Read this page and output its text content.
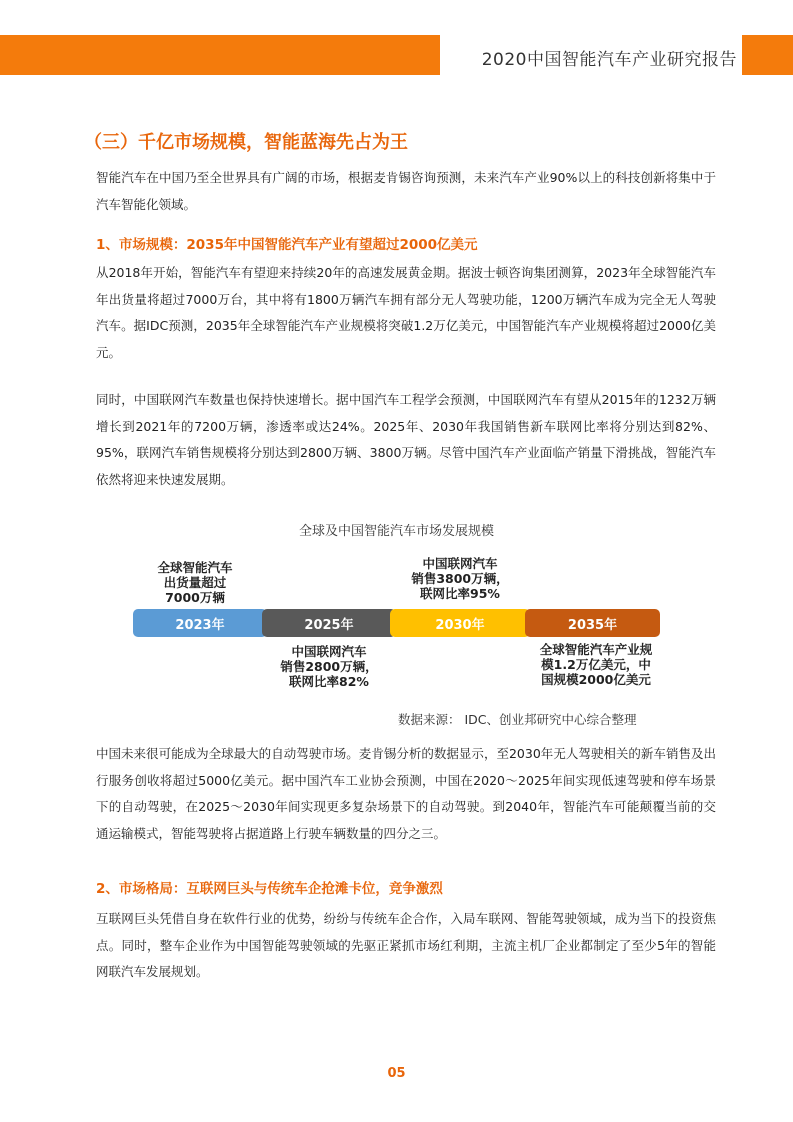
2020中国智能汽车产业研究报告
（三）千亿市场规模，智能蓝海先占为王

智能汽车在中国乃至全世界具有广阔的市场，根据麦肯锡咨询预测，未来汽车产业90%以上的科技创新将集中于汽车智能化领域。

1、市场规模：2035年中国智能汽车产业有望超过2000亿美元

从2018年开始，智能汽车有望迎来持续20年的高速发展黄金期。据波士顿咨询集团测算，2023年全球智能汽车年出货量将超过7000万台，其中将有1800万辆汽车拥有部分无人驾驶功能，1200万辆汽车成为完全无人驾驶汽车。据IDC预测，2035年全球智能汽车产业规模将突破1.2万亿美元，中国智能汽车产业规模将超过2000亿美元。

同时，中国联网汽车数量也保持快速增长。据中国汽车工程学会预测，中国联网汽车有望从2015年的1232万辆增长到2021年的7200万辆，渗透率或达24%。2025年、2030年我国销售新车联网比率将分别达到82%、95%，联网汽车销售规模将分别达到2800万辆、3800万辆。尽管中国汽车产业面临产销量下滑挑战，智能汽车依然将迎来快速发展期。

全球及中国智能汽车市场发展规模
全球智能汽车
出货量超过
7000万辆
中国联网汽车
销售3800万辆，
联网比率95%
2023年	2025年	2030年	2035年
中国联网汽车
销售2800万辆，
联网比率82%
全球智能汽车产业规
模1.2万亿美元，中
国规模2000亿美元
数据来源： IDC、创业邦研究中心综合整理

中国未来很可能成为全球最大的自动驾驶市场。麦肯锡分析的数据显示，至2030年无人驾驶相关的新车销售及出行服务创收将超过5000亿美元。据中国汽车工业协会预测，中国在2020～2025年间实现低速驾驶和停车场景下的自动驾驶，在2025～2030年间实现更多复杂场景下的自动驾驶。到2040年，智能汽车可能颠覆当前的交通运输模式，智能驾驶将占据道路上行驶车辆数量的四分之三。

2、市场格局：互联网巨头与传统车企抢滩卡位，竞争激烈

互联网巨头凭借自身在软件行业的优势，纷纷与传统车企合作，入局车联网、智能驾驶领域，成为当下的投资焦点。同时，整车企业作为中国智能驾驶领域的先驱正紧抓市场红利期，主流主机厂企业都制定了至少5年的智能网联汽车发展规划。

05
